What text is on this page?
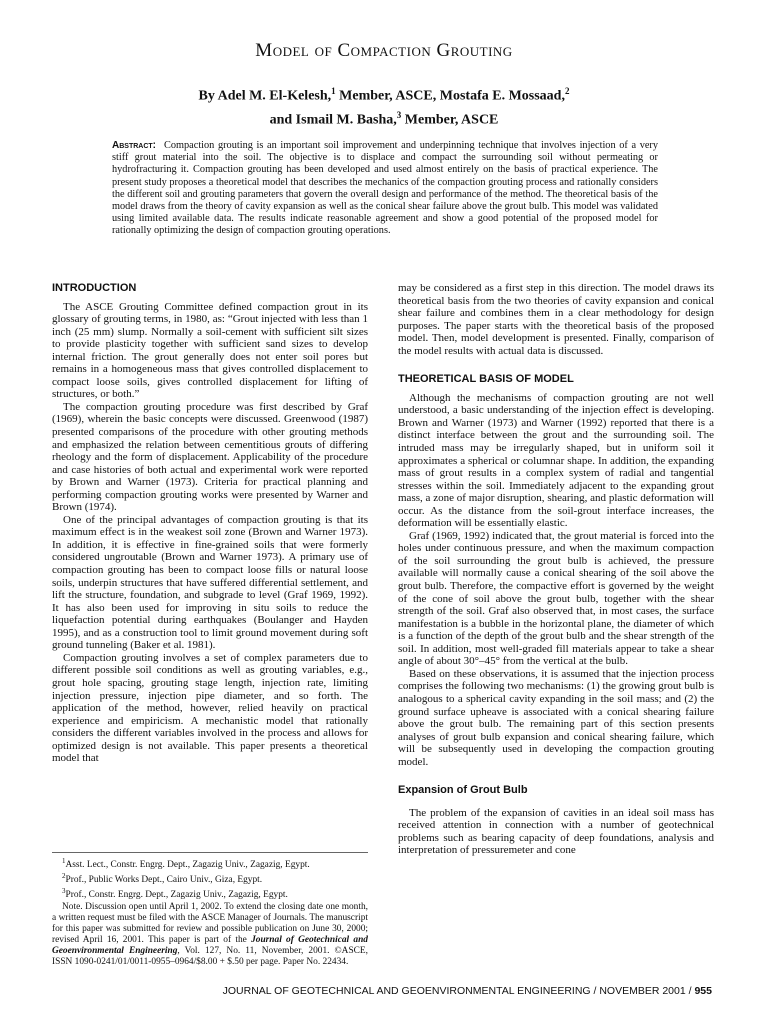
Model of Compaction Grouting
By Adel M. El-Kelesh,$^1$ Member, ASCE, Mostafa E. Mossaad,$^2$
and Ismail M. Basha,$^3$ Member, ASCE
Abstract: Compaction grouting is an important soil improvement and underpinning technique that involves injection of a very stiff grout material into the soil. The objective is to displace and compact the surrounding soil without permeating or hydrofracturing it. Compaction grouting has been developed and used almost entirely on the basis of practical experience. The present study proposes a theoretical model that describes the mechanics of the compaction grouting process and rationally considers the different soil and grouting parameters that govern the overall design and performance of the method. The theoretical basis of the model draws from the theory of cavity expansion as well as the conical shear failure above the grout bulb. This model was validated using limited available data. The results indicate reasonable agreement and show a good potential of the proposed model for rationally optimizing the design of compaction grouting operations.
INTRODUCTION

The ASCE Grouting Committee defined compaction grout in its glossary of grouting terms, in 1980, as: “Grout injected with less than 1 inch (25 mm) slump. Normally a soil-cement with sufficient silt sizes to provide plasticity together with sufficient sand sizes to develop internal friction. The grout generally does not enter soil pores but remains in a homogeneous mass that gives controlled displacement to compact loose soils, gives controlled displacement for lifting of structures, or both.”

The compaction grouting procedure was first described by Graf (1969), wherein the basic concepts were discussed. Greenwood (1987) presented comparisons of the procedure with other grouting methods and emphasized the relation between cementitious grouts of differing rheology and the form of displacement. Applicability of the procedure and case histories of both actual and experimental work were reported by Brown and Warner (1973). Criteria for practical planning and performing compaction grouting works were presented by Warner and Brown (1974).

One of the principal advantages of compaction grouting is that its maximum effect is in the weakest soil zone (Brown and Warner 1973). In addition, it is effective in fine-grained soils that were formerly considered ungroutable (Brown and Warner 1973). A primary use of compaction grouting has been to compact loose fills or natural loose soils, underpin structures that have suffered differential settlement, and lift the structure, foundation, and subgrade to level (Graf 1969, 1992). It has also been used for improving in situ soils to reduce the liquefaction potential during earthquakes (Boulanger and Hayden 1995), and as a construction tool to limit ground movement during soft ground tunneling (Baker et al. 1981).

Compaction grouting involves a set of complex parameters due to different possible soil conditions as well as grouting variables, e.g., grout hole spacing, grouting stage length, injection rate, limiting injection pressure, injection pipe diameter, and so forth. The application of the method, however, relied heavily on practical experience and empiricism. A mechanistic model that rationally considers the different variables involved in the process and allows for optimized design is not available. This paper presents a theoretical model that

$^1$Asst. Lect., Constr. Engrg. Dept., Zagazig Univ., Zagazig, Egypt.

$^2$Prof., Public Works Dept., Cairo Univ., Giza, Egypt.

$^3$Prof., Constr. Engrg. Dept., Zagazig Univ., Zagazig, Egypt.

Note. Discussion open until April 1, 2002. To extend the closing date one month, a written request must be filed with the ASCE Manager of Journals. The manuscript for this paper was submitted for review and possible publication on June 30, 2000; revised April 16, 2001. This paper is part of the Journal of Geotechnical and Geoenvironmental Engineering, Vol. 127, No. 11, November, 2001. ©ASCE, ISSN 1090-0241/01/0011-0955–0964/$8.00 + $.50 per page. Paper No. 22434.

may be considered as a first step in this direction. The model draws its theoretical basis from the two theories of cavity expansion and conical shear failure and combines them in a clear methodology for design purposes. The paper starts with the theoretical basis of the proposed model. Then, model development is presented. Finally, comparison of the model results with actual data is discussed.

THEORETICAL BASIS OF MODEL

Although the mechanisms of compaction grouting are not well understood, a basic understanding of the injection effect is developing. Brown and Warner (1973) and Warner (1992) reported that there is a distinct interface between the grout and the surrounding soil. The intruded mass may be irregularly shaped, but in uniform soil it approximates a spherical or columnar shape. In addition, the expanding mass of grout results in a complex system of radial and tangential stresses within the soil. Immediately adjacent to the expanding grout mass, a zone of major disruption, shearing, and plastic deformation will occur. As the distance from the soil-grout interface increases, the deformation will be essentially elastic.

Graf (1969, 1992) indicated that, the grout material is forced into the holes under continuous pressure, and when the maximum compaction of the soil surrounding the grout bulb is achieved, the pressure available will normally cause a conical shearing of the soil above the grout bulb. Therefore, the compactive effort is governed by the weight of the cone of soil above the grout bulb, together with the shear strength of the soil. Graf also observed that, in most cases, the surface manifestation is a bubble in the horizontal plane, the diameter of which is a function of the depth of the grout bulb and the shear strength of the soil. In addition, most well-graded fill materials appear to take a shear angle of about 30°–45° from the vertical at the bulb.

Based on these observations, it is assumed that the injection process comprises the following two mechanisms: (1) the growing grout bulb is analogous to a spherical cavity expanding in the soil mass; and (2) the ground surface upheave is associated with a conical shearing failure above the grout bulb. The remaining part of this section presents analyses of grout bulb expansion and conical shearing failure, which will be subsequently used in developing the compaction grouting model.

Expansion of Grout Bulb

The problem of the expansion of cavities in an ideal soil mass has received attention in connection with a number of geotechnical problems such as bearing capacity of deep foundations, analysis and interpretation of pressuremeter and cone

JOURNAL OF GEOTECHNICAL AND GEOENVIRONMENTAL ENGINEERING / NOVEMBER 2001 / 955
